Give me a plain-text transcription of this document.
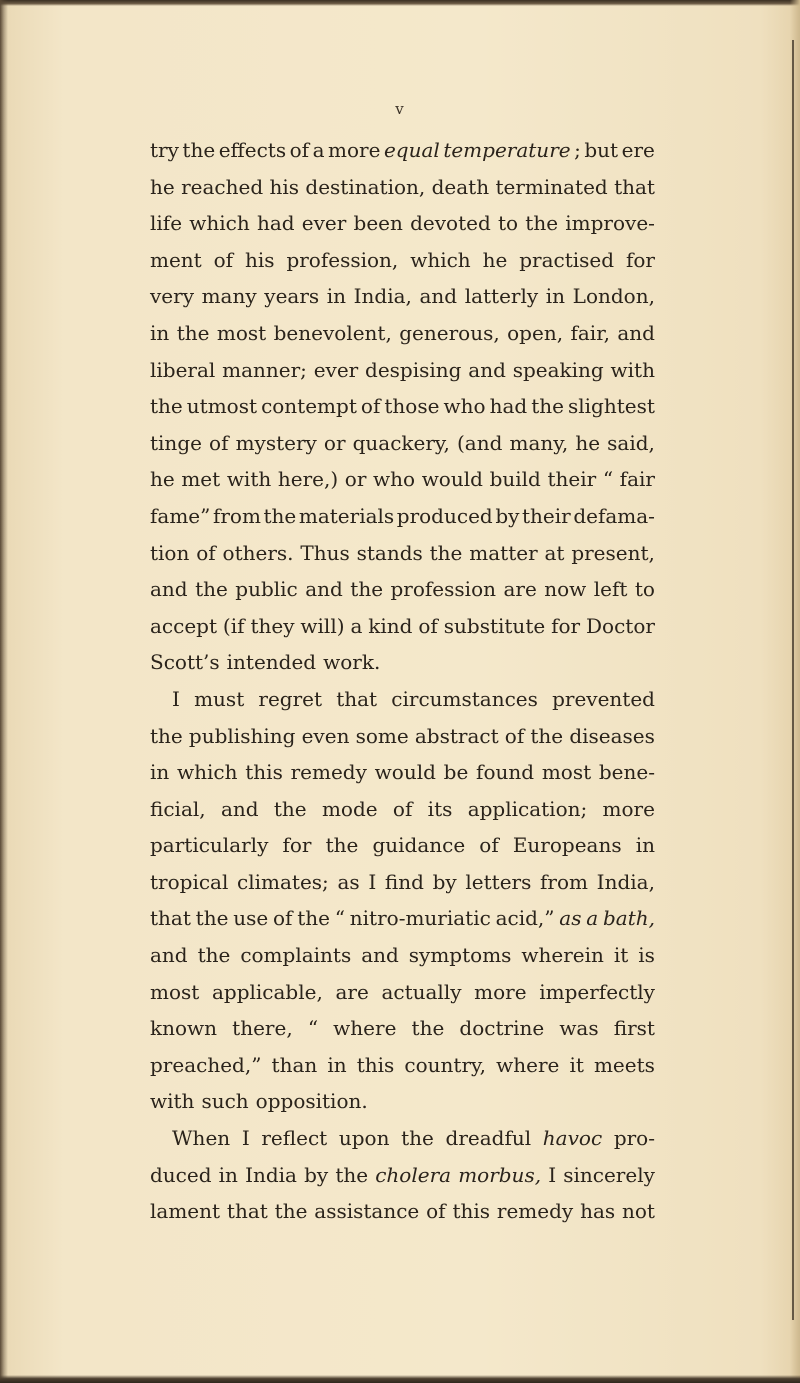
v
try the effects of a more equal temperature ; but ere
he reached his destination, death terminated that
life which had ever been devoted to the improve-
ment of his profession, which he practised for
very many years in India, and latterly in London,
in the most benevolent, generous, open, fair, and
liberal manner; ever despising and speaking with
the utmost contempt of those who had the slightest
tinge of mystery or quackery, (and many, he said,
he met with here,) or who would build their “ fair
fame” from the materials produced by their defama-
tion of others. Thus stands the matter at present,
and the public and the profession are now left to
accept (if they will) a kind of substitute for Doctor
Scott’s intended work.
I must regret that circumstances prevented
the publishing even some abstract of the diseases
in which this remedy would be found most bene-
ficial, and the mode of its application; more
particularly for the guidance of Europeans in
tropical climates; as I find by letters from India,
that the use of the “ nitro-muriatic acid,” as a bath,
and the complaints and symptoms wherein it is
most applicable, are actually more imperfectly
known there, “ where the doctrine was first
preached,” than in this country, where it meets
with such opposition.
When I reflect upon the dreadful havoc pro-
duced in India by the cholera morbus, I sincerely
lament that the assistance of this remedy has not
